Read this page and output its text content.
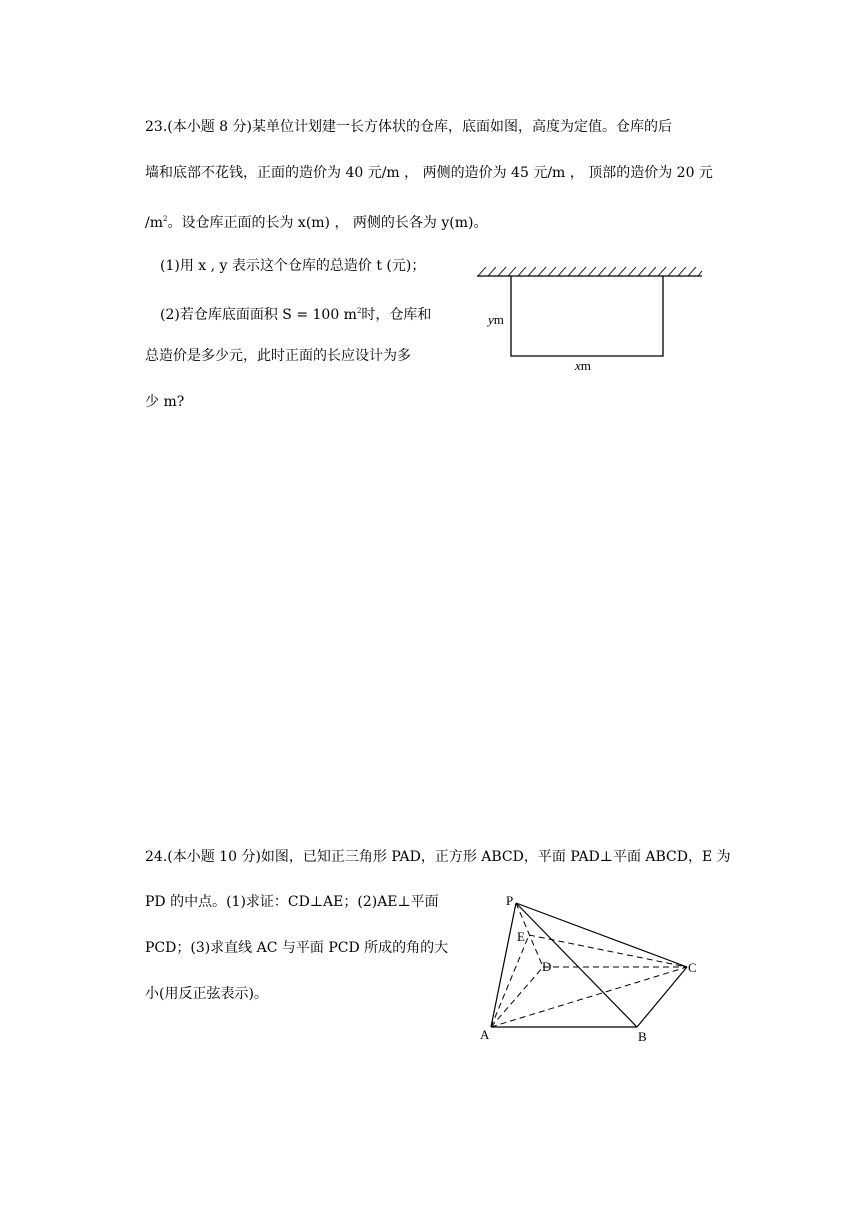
23.(本小题 8 分)某单位计划建一长方体状的仓库，底面如图，高度为定值。仓库的后
墙和底部不花钱，正面的造价为 40 元/m ， 两侧的造价为 45 元/m ， 顶部的造价为 20 元
$/m^2$。设仓库正面的长为 x(m) ， 两侧的长各为 y(m)。
(1)用 x , y 表示这个仓库的总造价 t (元)；
(2)若仓库底面面积 S = 100 $m^2$时，仓库和
总造价是多少元，此时正面的长应设计为多
少 m?
ym
xm
24.(本小题 10 分)如图，已知正三角形 PAD，正方形 ABCD，平面 PAD⊥平面 ABCD，E 为
PD 的中点。(1)求证：CD⊥AE；(2)AE⊥平面
PCD；(3)求直线 AC 与平面 PCD 所成的角的大
小(用反正弦表示)。
P
E
D	C
A	B
